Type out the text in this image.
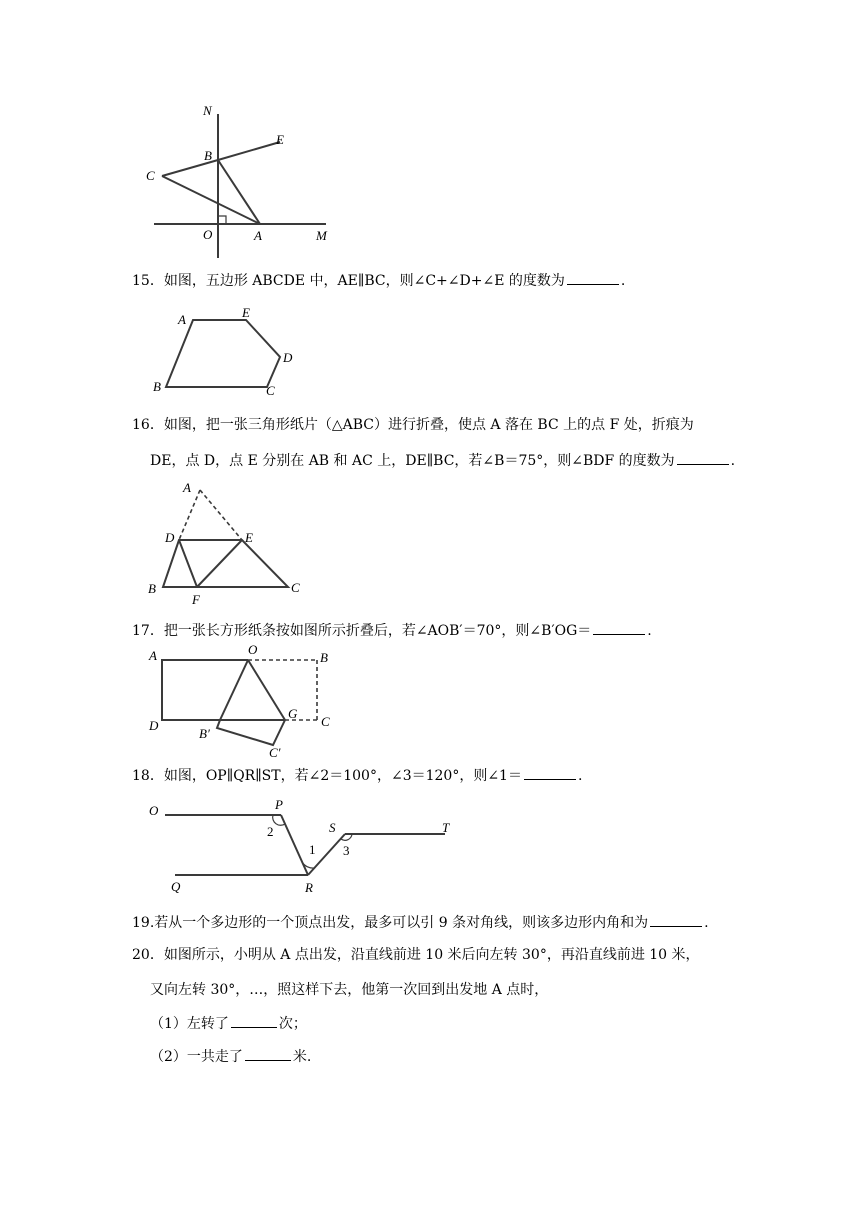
N
E
B
C
O	A	M
15．如图，五边形 ABCDE 中，AE∥BC，则∠C+∠D+∠E 的度数为	.
A	E
D
B	C
16．如图，把一张三角形纸片（△ABC）进行折叠，使点 A 落在 BC 上的点 F 处，折痕为
DE，点 D，点 E 分别在 AB 和 AC 上，DE∥BC，若∠B＝75°，则∠BDF 的度数为	.
A
D	E
B
F
C
17．把一张长方形纸条按如图所示折叠后，若∠AOB′＝70°，则∠B′OG＝	.
A	O
B
D
G
C
B′
C′
18．如图，OP∥QR∥ST，若∠2＝100°，∠3＝120°，则∠1＝	.
O	P
S	T
2
1 3
Q	R
19.若从一个多边形的一个顶点出发，最多可以引 9 条对角线，则该多边形内角和为	.
20．如图所示，小明从 A 点出发，沿直线前进 10 米后向左转 30°，再沿直线前进 10 米，
又向左转 30°，…，照这样下去，他第一次回到出发地 A 点时，
（1）左转了	次；
（2）一共走了	米.
